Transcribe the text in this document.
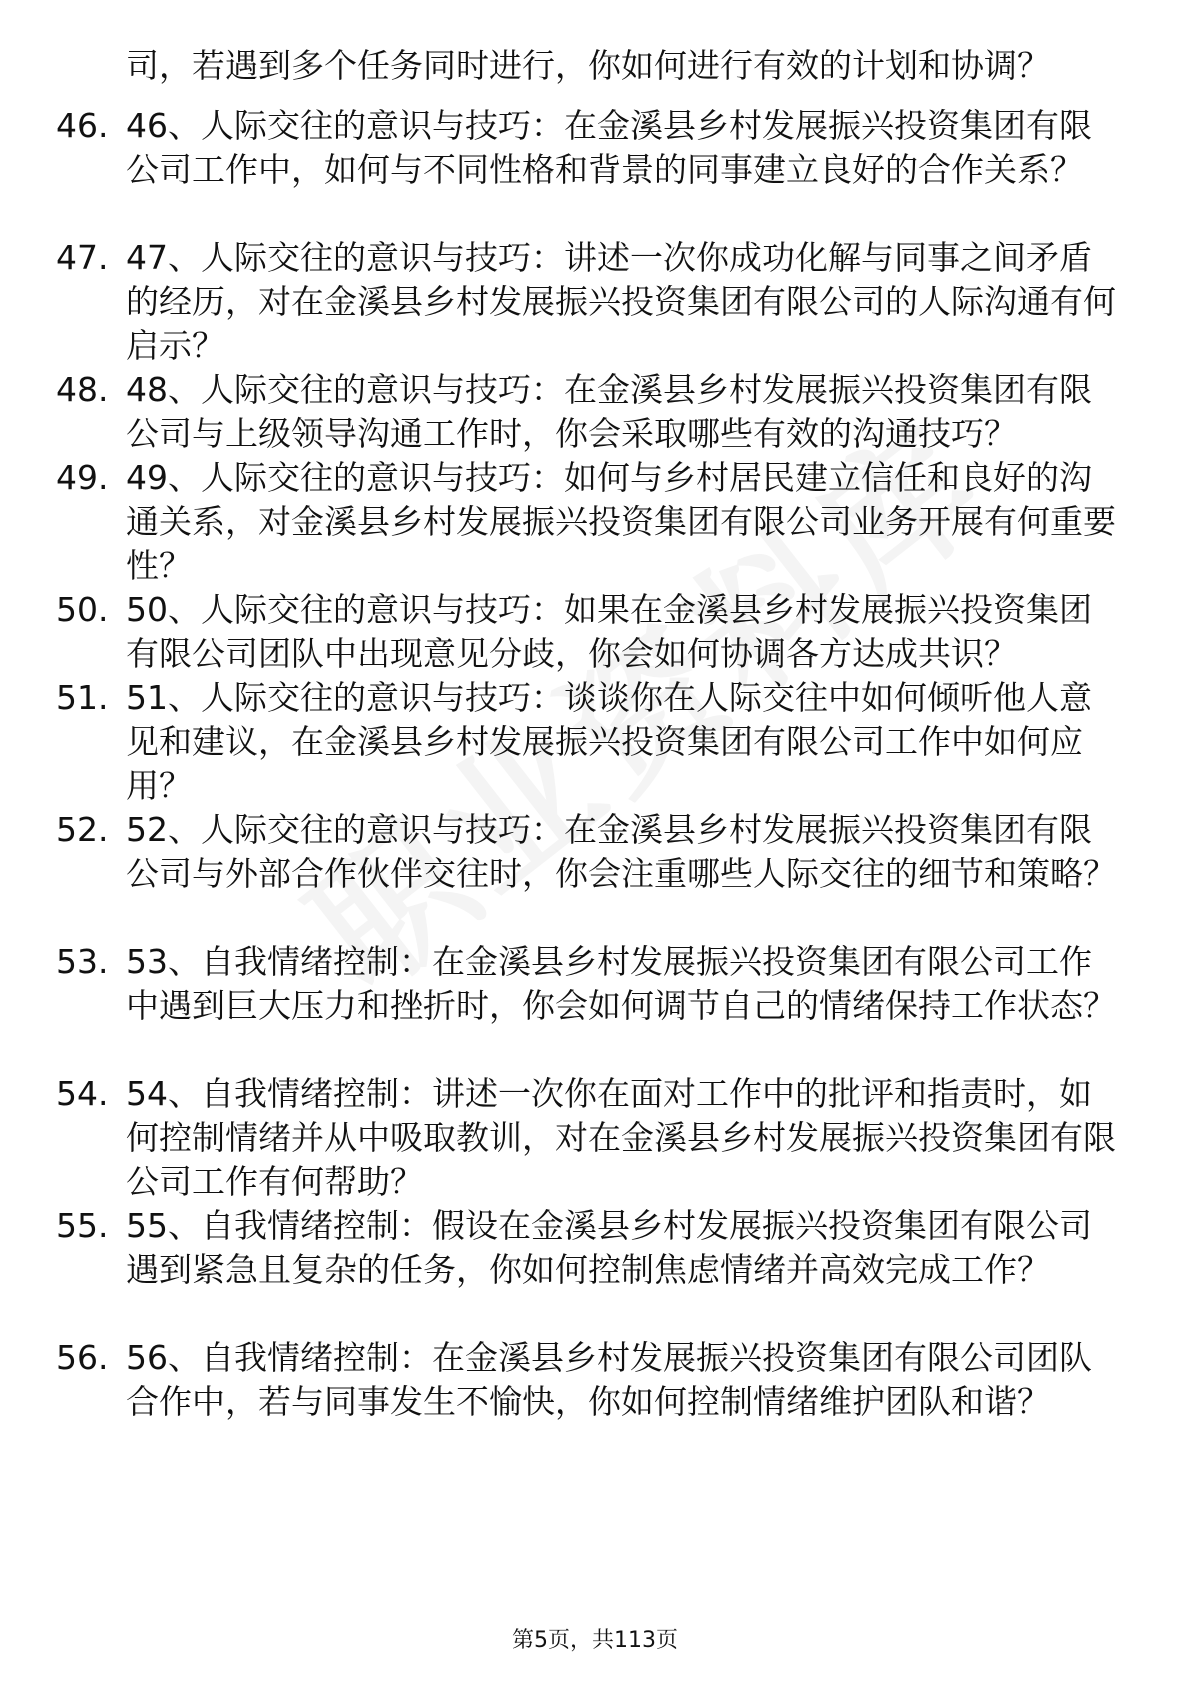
司，若遇到多个任务同时进行，你如何进行有效的计划和协调？
46. 46、人际交往的意识与技巧：在金溪县乡村发展振兴投资集团有限公司工作中，如何与不同性格和背景的同事建立良好的合作关系？
47. 47、人际交往的意识与技巧：讲述一次你成功化解与同事之间矛盾的经历，对在金溪县乡村发展振兴投资集团有限公司的人际沟通有何启示？
48. 48、人际交往的意识与技巧：在金溪县乡村发展振兴投资集团有限公司与上级领导沟通工作时，你会采取哪些有效的沟通技巧？
49. 49、人际交往的意识与技巧：如何与乡村居民建立信任和良好的沟通关系，对金溪县乡村发展振兴投资集团有限公司业务开展有何重要性？
50. 50、人际交往的意识与技巧：如果在金溪县乡村发展振兴投资集团有限公司团队中出现意见分歧，你会如何协调各方达成共识？
51. 51、人际交往的意识与技巧：谈谈你在人际交往中如何倾听他人意见和建议，在金溪县乡村发展振兴投资集团有限公司工作中如何应用？
52. 52、人际交往的意识与技巧：在金溪县乡村发展振兴投资集团有限公司与外部合作伙伴交往时，你会注重哪些人际交往的细节和策略？
53. 53、自我情绪控制：在金溪县乡村发展振兴投资集团有限公司工作中遇到巨大压力和挫折时，你会如何调节自己的情绪保持工作状态？
54. 54、自我情绪控制：讲述一次你在面对工作中的批评和指责时，如何控制情绪并从中吸取教训，对在金溪县乡村发展振兴投资集团有限公司工作有何帮助？
55. 55、自我情绪控制：假设在金溪县乡村发展振兴投资集团有限公司遇到紧急且复杂的任务，你如何控制焦虑情绪并高效完成工作？
56. 56、自我情绪控制：在金溪县乡村发展振兴投资集团有限公司团队合作中，若与同事发生不愉快，你如何控制情绪维护团队和谐？
第5页，共113页
